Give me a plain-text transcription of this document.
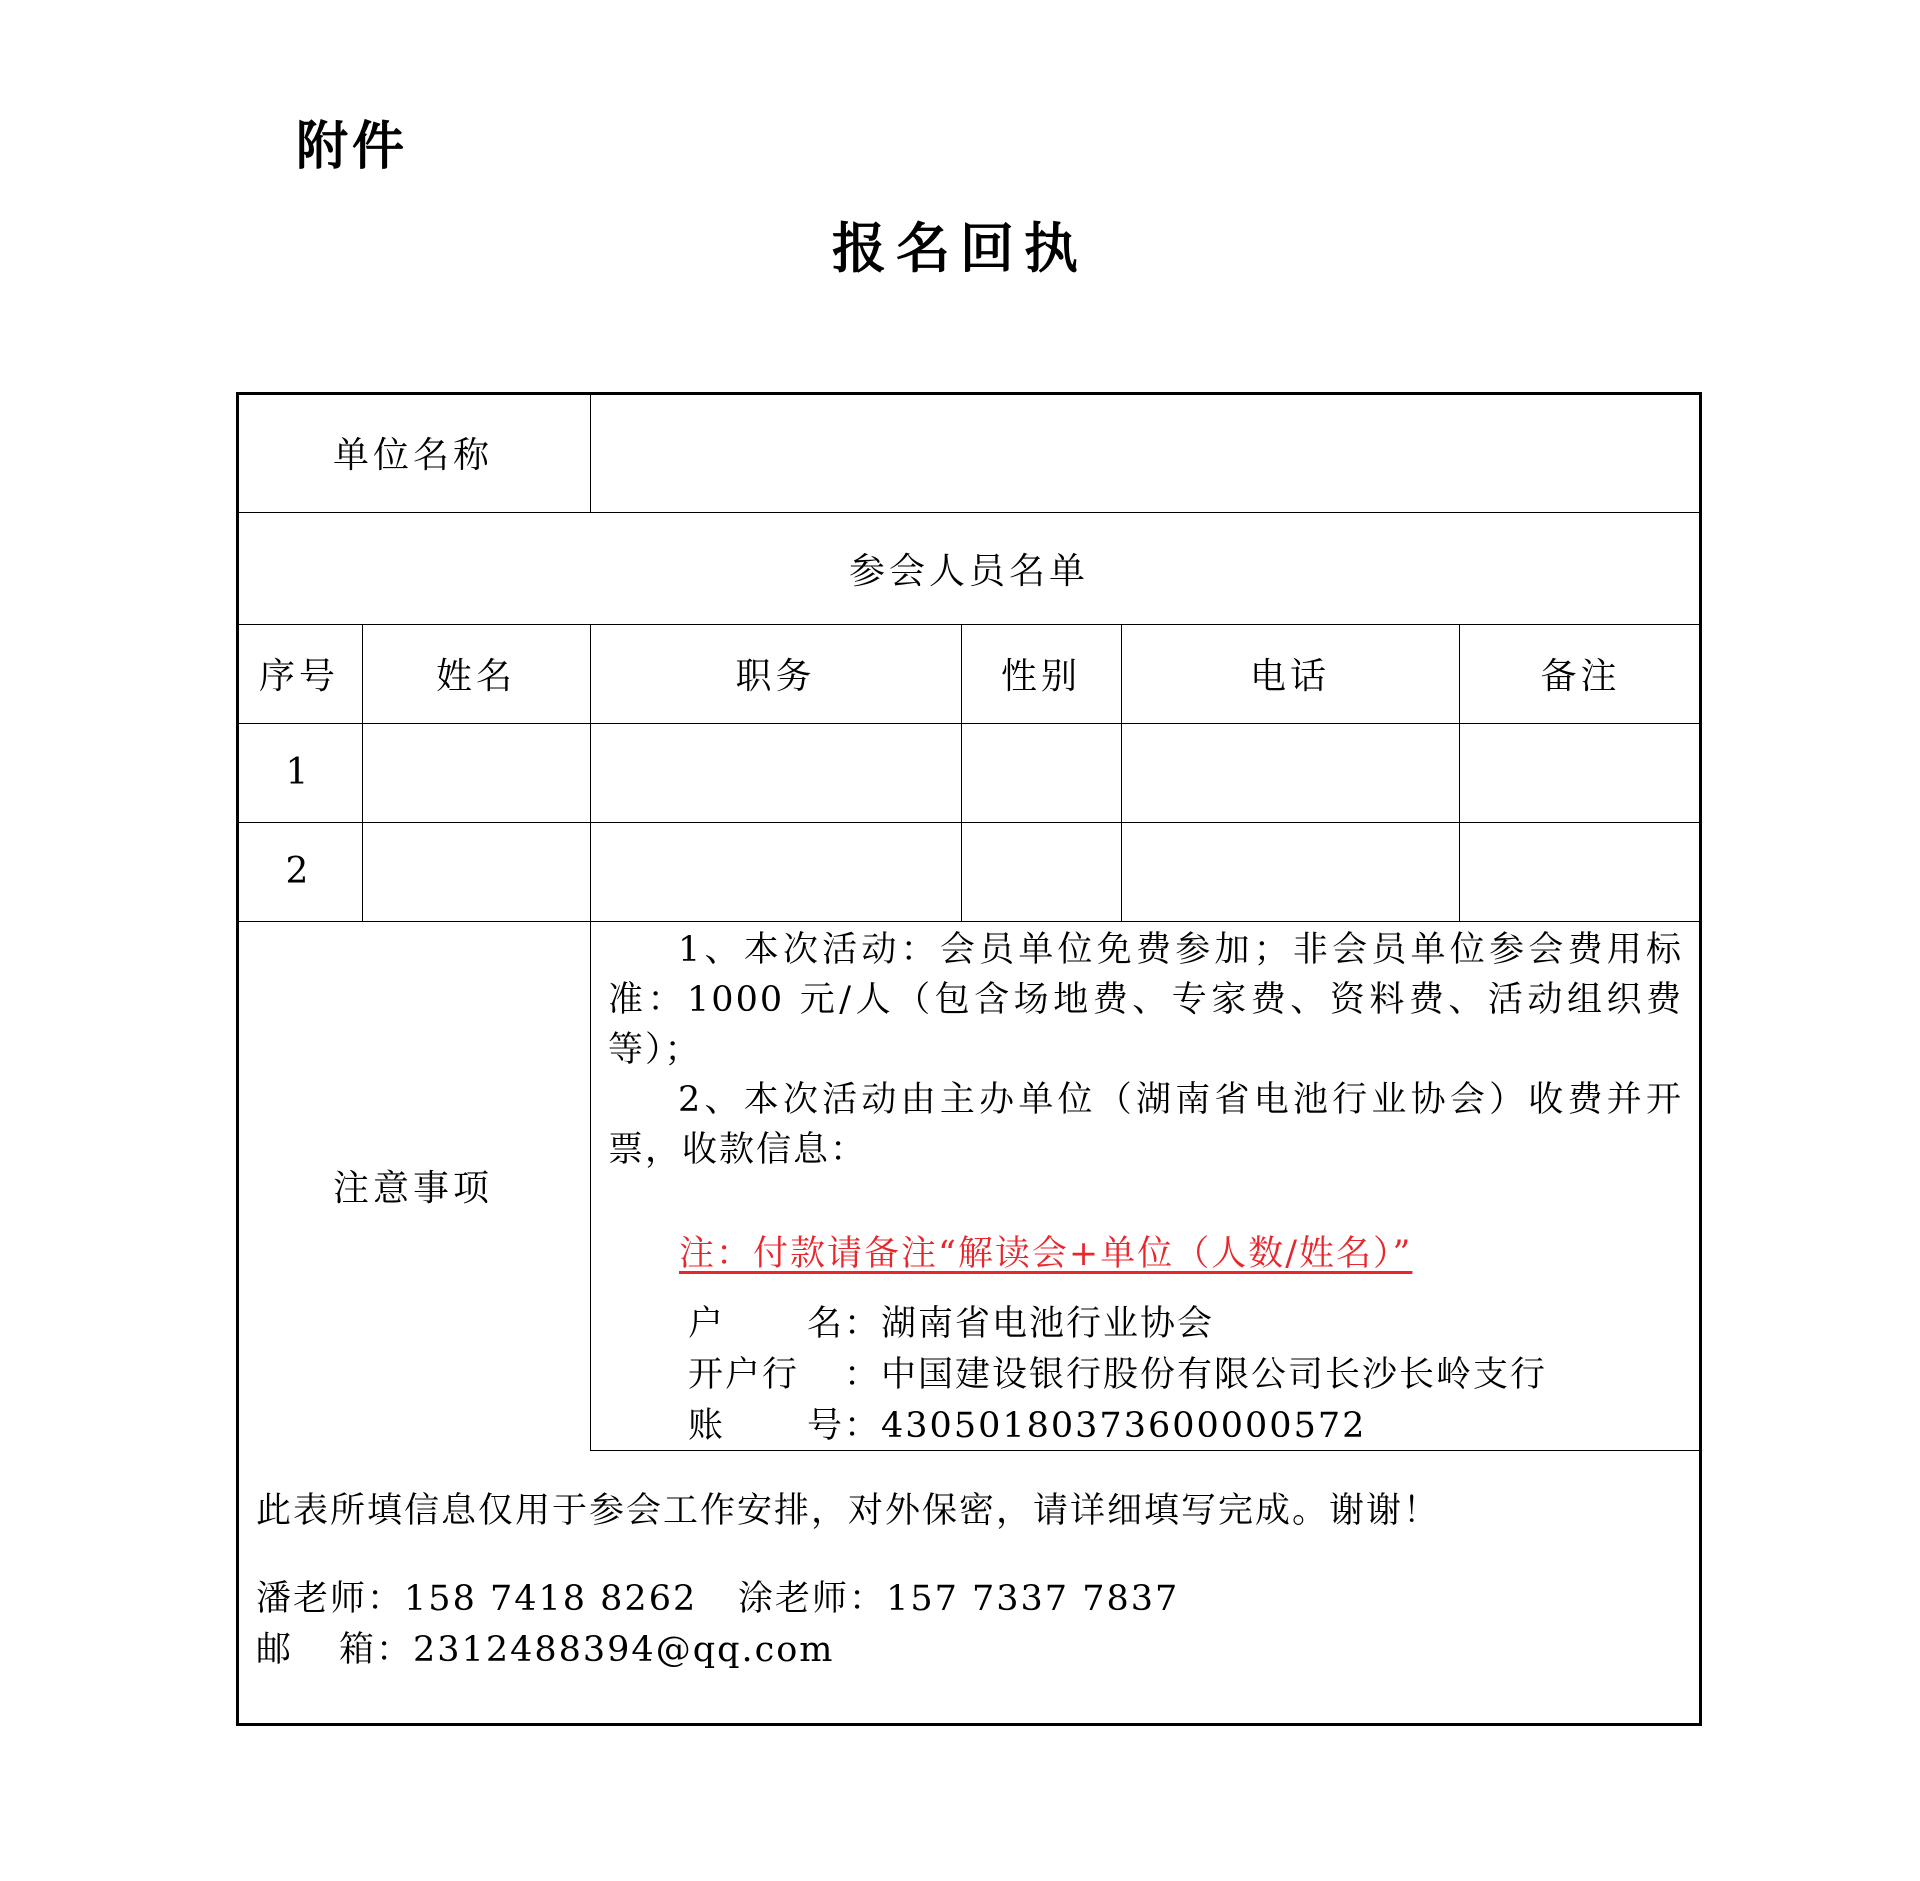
附件
报名回执
单位名称
参会人员名单
序号	姓名	职务	性别	电话	备注
1
2
注意事项
1、本次活动：会员单位免费参加；非会员单位参会费用标准：1000 元/人（包含场地费、专家费、资料费、活动组织费等）；
2、本次活动由主办单位（湖南省电池行业协会）收费并开票，收款信息：
注：付款请备注“解读会+单位（人数/姓名）”
户 名 ： 湖南省电池行业协会
开户行	： 中国建设银行股份有限公司长沙长岭支行
账 号 ： 43050180373600000572
此表所填信息仅用于参会工作安排，对外保密，请详细填写完成。谢谢！
潘老师 ： 158 7418 8262	涂老师 ： 157 7337 7837
邮 箱 ： 2312488394@qq.com
